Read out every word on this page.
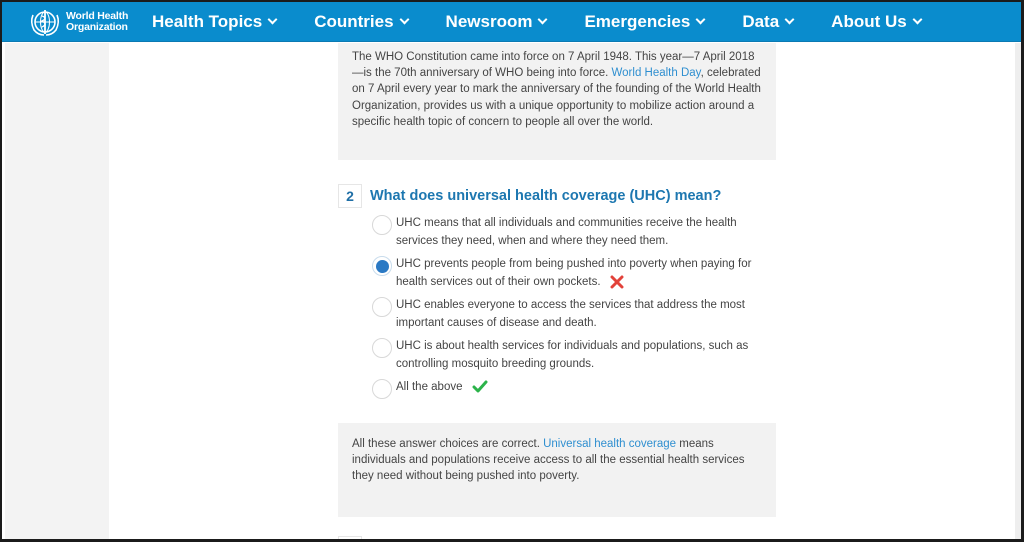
World Health
Organization Health Topics	Countries	Newsroom	Emergencies	Data	About Us
The WHO Constitution came into force on 7 April 1948. This year—7 April 2018 —is the 70th anniversary of WHO being into force. World Health Day, celebrated on 7 April every year to mark the anniversary of the founding of the World Health Organization, provides us with a unique opportunity to mobilize action around a specific health topic of concern to people all over the world.
2	What does universal health coverage (UHC) mean?
UHC means that all individuals and communities receive the health services they need, when and where they need them.
UHC prevents people from being pushed into poverty when paying for health services out of their own pockets.
UHC enables everyone to access the services that address the most important causes of disease and death.
UHC is about health services for individuals and populations, such as controlling mosquito breeding grounds.
All the above
All these answer choices are correct. Universal health coverage means individuals and populations receive access to all the essential health services they need without being pushed into poverty.
